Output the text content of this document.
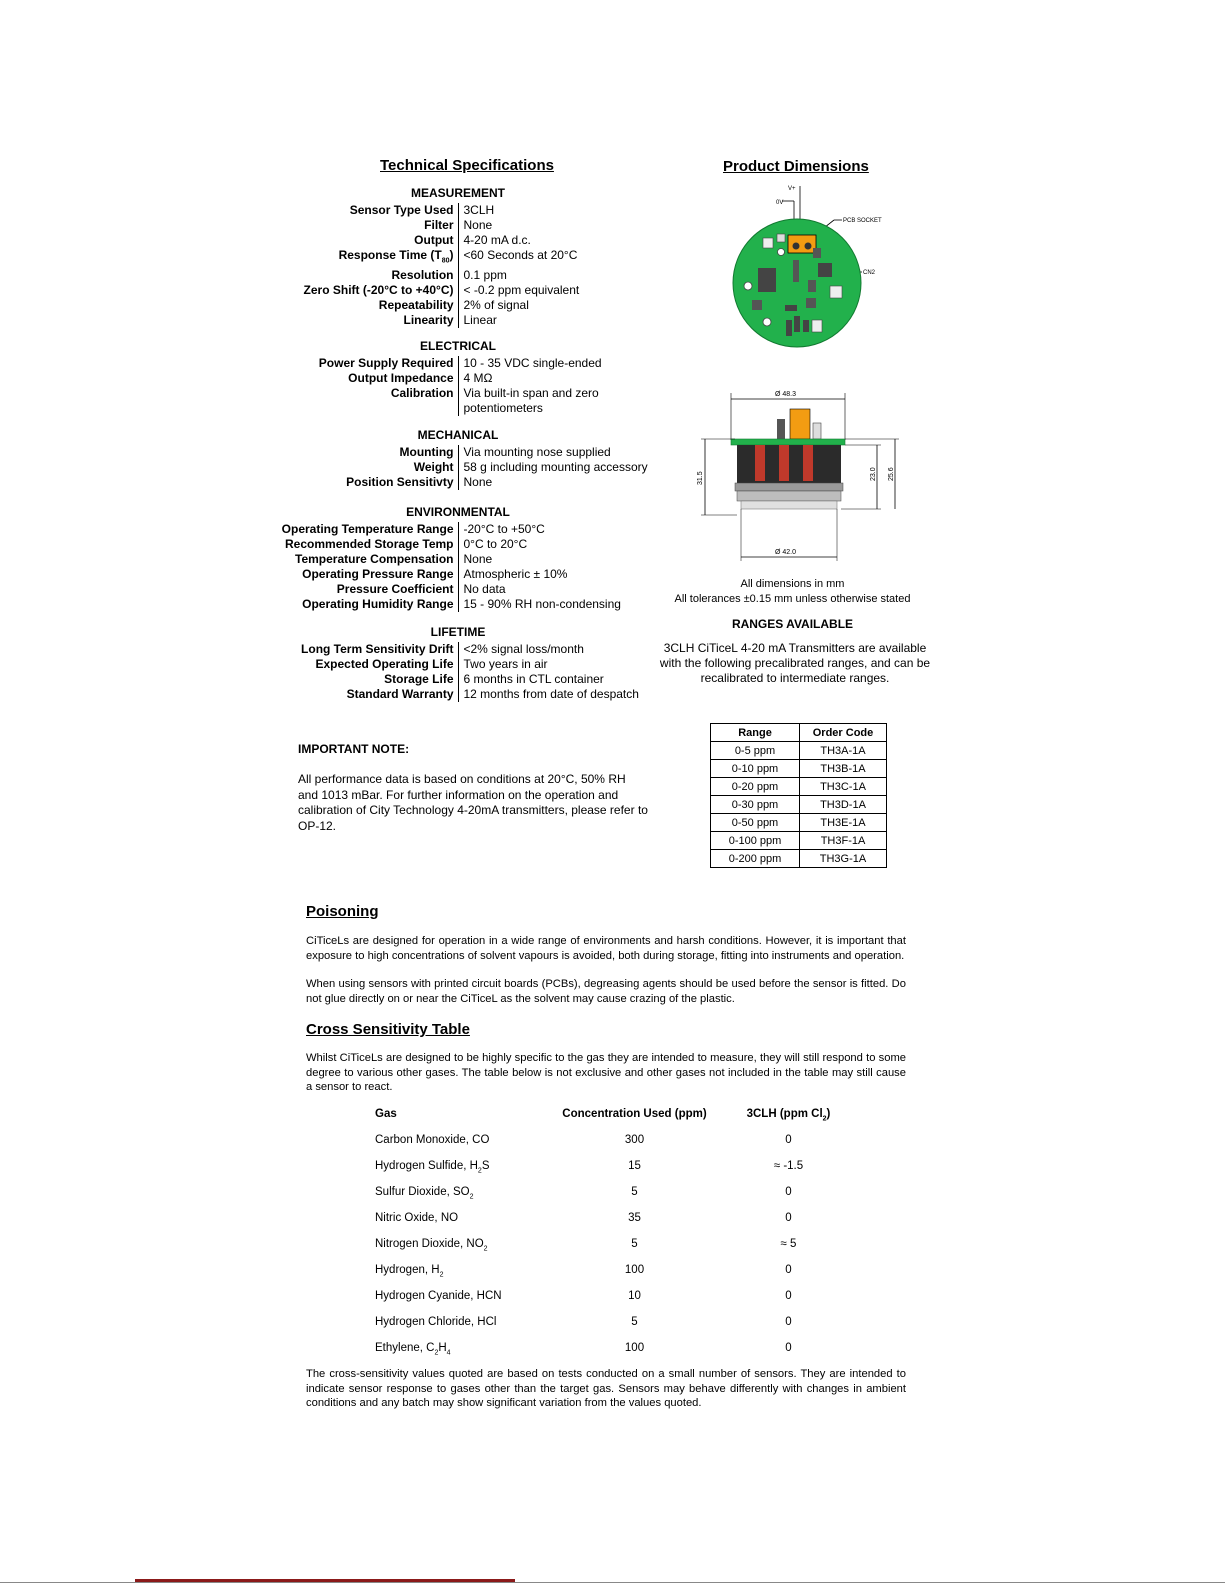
Technical Specifications
MEASUREMENT
Sensor Type Used	3CLH
Filter	None
Output	4-20 mA d.c.
Response Time $(T_{80})$	<60 Seconds at 20°C
Resolution	0.1 ppm
Zero Shift (-20°C to +40°C)	< -0.2 ppm equivalent
Repeatability	2% of signal
Linearity	Linear
ELECTRICAL
Power Supply Required	10 - 35 VDC single-ended
Output Impedance	4 MΩ
Calibration	Via built-in span and zero potentiometers
MECHANICAL
Mounting	Via mounting nose supplied
Weight	58 g including mounting accessory
Position Sensitivty	None
ENVIRONMENTAL
Operating Temperature Range	-20°C to +50°C
Recommended Storage Temp	0°C to 20°C
Temperature Compensation	None
Operating Pressure Range	Atmospheric ± 10%
Pressure Coefficient	No data
Operating Humidity Range	15 - 90% RH non-condensing
LIFETIME
Long Term Sensitivity Drift	<2% signal loss/month
Expected Operating Life	Two years in air
Storage Life	6 months in CTL container
Standard Warranty	12 months from date of despatch
IMPORTANT NOTE:
All performance data is based on conditions at 20°C, 50% RH and 1013 mBar. For further information on the operation and calibration of City Technology 4-20mA transmitters, please refer to OP-12.
Product Dimensions
V+
0V
PCB SOCKET
CN2
Ø 48.3
31.5	23.0 25.6
Ø 42.0
All dimensions in mm
All tolerances ±0.15 mm unless otherwise stated
RANGES AVAILABLE
3CLH CiTiceL 4-20 mA Transmitters are available with the following precalibrated ranges, and can be recalibrated to intermediate ranges.
Range	Order Code
0-5 ppm	TH3A-1A
0-10 ppm	TH3B-1A
0-20 ppm	TH3C-1A
0-30 ppm	TH3D-1A
0-50 ppm	TH3E-1A
0-100 ppm	TH3F-1A
0-200 ppm	TH3G-1A
Poisoning
CiTiceLs are designed for operation in a wide range of environments and harsh conditions. However, it is important that exposure to high concentrations of solvent vapours is avoided, both during storage, fitting into instruments and operation.
When using sensors with printed circuit boards (PCBs), degreasing agents should be used before the sensor is fitted. Do not glue directly on or near the CiTiceL as the solvent may cause crazing of the plastic.
Cross Sensitivity Table
Whilst CiTiceLs are designed to be highly specific to the gas they are intended to measure, they will still respond to some degree to various other gases. The table below is not exclusive and other gases not included in the table may still cause a sensor to react.
Gas	Concentration Used (ppm)	3CLH (ppm $Cl_2$)
Carbon Monoxide, CO	300	0
Hydrogen Sulfide, $H_2S$	15	≈ -1.5
Sulfur Dioxide, $SO_2$	5	0
Nitric Oxide, NO	35	0
Nitrogen Dioxide, $NO_2$	5	≈ 5
Hydrogen, $H_2$	100	0
Hydrogen Cyanide, HCN	10	0
Hydrogen Chloride, HCl	5	0
Ethylene, $C_2H_4$	100	0
The cross-sensitivity values quoted are based on tests conducted on a small number of sensors. They are intended to indicate sensor response to gases other than the target gas. Sensors may behave differently with changes in ambient conditions and any batch may show significant variation from the values quoted.
